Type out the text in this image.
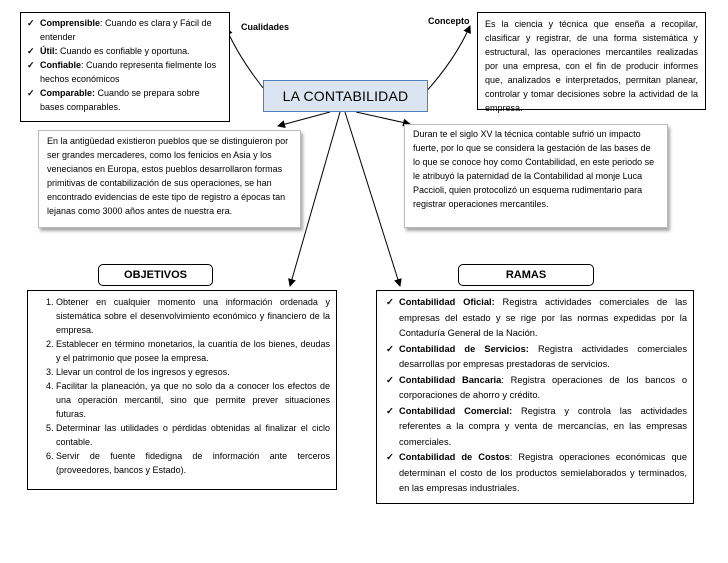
✓ Comprensible: Cuando es clara y Fácil de entender
✓ Útil: Cuando es confiable y oportuna.
✓ Confiable: Cuando representa fielmente los hechos económicos
✓ Comparable: Cuando se prepara sobre bases comparables.
Cualidades
Concepto	Es la ciencia y técnica que enseña a recopilar, clasificar y registrar, de una forma sistemática y estructural, las operaciones mercantiles realizadas por una empresa, con el fin de producir informes que, analizados e interpretados, permitan planear, controlar y tomar decisiones sobre la actividad de la empresa.
LA CONTABILIDAD
En la antigüedad existieron pueblos que se distinguieron por ser grandes mercaderes, como los fenicios en Asia y los venecianos en Europa, estos pueblos desarrollaron formas primitivas de contabilización de sus operaciones, se han encontrado evidencias de este tipo de registro a épocas tan lejanas como 3000 años antes de nuestra era.
Duran te el siglo XV la técnica contable sufrió un impacto fuerte, por lo que se considera la gestación de las bases de lo que se conoce hoy como Contabilidad, en este periodo se le atribuyó la paternidad de la Contabilidad al monje Luca Paccioli, quien protocolizó un esquema rudimentario para registrar operaciones mercantiles.
OBJETIVOS	RAMAS
1. Obtener en cualquier momento una información ordenada y sistemática sobre el desenvolvimiento económico y financiero de la empresa.
2. Establecer en término monetarios, la cuantía de los bienes, deudas y el patrimonio que posee la empresa.
3. Llevar un control de los ingresos y egresos.
4. Facilitar la planeación, ya que no solo da a conocer los efectos de una operación mercantil, sino que permite prever situaciones futuras.
5. Determinar las utilidades o pérdidas obtenidas al finalizar el ciclo contable.
6. Servir de fuente fidedigna de información ante terceros (proveedores, bancos y Estado).
✓ Contabilidad Oficial: Registra actividades comerciales de las empresas del estado y se rige por las normas expedidas por la Contaduría General de la Nación.
✓ Contabilidad de Servicios: Registra actividades comerciales desarrollas por empresas prestadoras de servicios.
✓ Contabilidad Bancaria: Registra operaciones de los bancos o corporaciones de ahorro y crédito.
✓ Contabilidad Comercial: Registra y controla las actividades referentes a la compra y venta de mercancías, en las empresas comerciales.
✓ Contabilidad de Costos: Registra operaciones económicas que determinan el costo de los productos semielaborados y terminados, en las empresas industriales.
